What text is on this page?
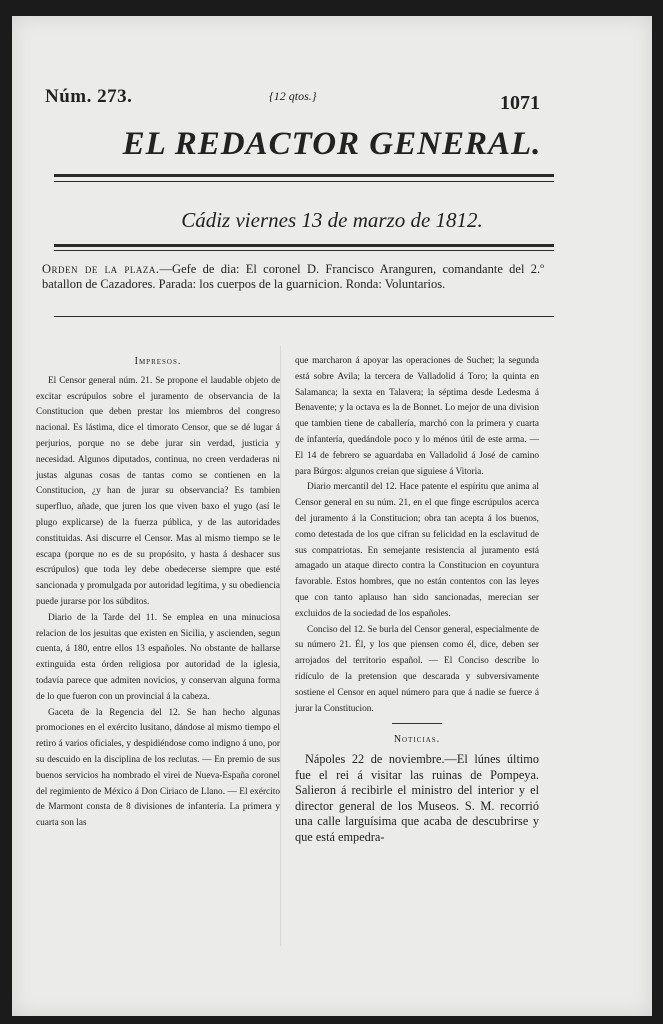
Núm. 273.	{12 qtos.}	1071
EL REDACTOR GENERAL.
Cádiz viernes 13 de marzo de 1812.
Orden de la plaza.—Gefe de dia: El coronel D. Francisco Aranguren, comandante del 2.º batallon de Cazadores. Parada: los cuerpos de la guarnicion. Ronda: Voluntarios.
Impresos.

El Censor general núm. 21. Se propone el laudable objeto de excitar escrúpulos sobre el juramento de observancia de la Constitucion que deben prestar los miembros del congreso nacional. Es lástima, dice el timorato Censor, que se dé lugar á perjurios, porque no se debe jurar sin verdad, justicia y necesidad. Algunos diputados, continua, no creen verdaderas ni justas algunas cosas de tantas como se contienen en la Constitucion, ¿y han de jurar su observancia? Es tambien superfluo, añade, que juren los que viven baxo el yugo (así le plugo explicarse) de la fuerza pública, y de las autoridades constituidas. Asi discurre el Censor. Mas al mismo tiempo se le escapa (porque no es de su propósito, y hasta á deshacer sus escrúpulos) que toda ley debe obedecerse siempre que esté sancionada y promulgada por autoridad legítima, y su obediencia puede jurarse por los súbditos.

Diario de la Tarde del 11. Se emplea en una minuciosa relacion de los jesuitas que existen en Sicilia, y ascienden, segun cuenta, á 180, entre ellos 13 españoles. No obstante de hallarse extinguida esta órden religiosa por autoridad de la iglesia, todavía parece que admiten novicios, y conservan alguna forma de lo que fueron con un provincial á la cabeza.

Gaceta de la Regencia del 12. Se han hecho algunas promociones en el exército lusitano, dándose al mismo tiempo el retiro á varios oficiales, y despidiéndose como indigno á uno, por su descuido en la disciplina de los reclutas. — En premio de sus buenos servicios ha nombrado el virei de Nueva-España coronel del regimiento de México á Don Ciriaco de Llano. — El exército de Marmont consta de 8 divisiones de infantería. La primera y cuarta son las

que marcharon á apoyar las operaciones de Suchet; la segunda está sobre Avila; la tercera de Valladolid á Toro; la quinta en Salamanca; la sexta en Talavera; la séptima desde Ledesma á Benavente; y la octava es la de Bonnet. Lo mejor de una division que tambien tiene de caballería, marchó con la primera y cuarta de infantería, quedándole poco y lo ménos útil de este arma. — El 14 de febrero se aguardaba en Valladolid á José de camino para Búrgos: algunos creian que siguiese á Vitoria.

Diario mercantil del 12. Hace patente el espíritu que anima al Censor general en su núm. 21, en el que finge escrúpulos acerca del juramento á la Constitucion; obra tan acepta á los buenos, como detestada de los que cifran su felicidad en la esclavitud de sus compatriotas. En semejante resistencia al juramento está amagado un ataque directo contra la Constitucion en coyuntura favorable. Estos hombres, que no están contentos con las leyes que con tanto aplauso han sido sancionadas, merecian ser excluidos de la sociedad de los españoles.

Conciso del 12. Se burla del Censor general, especialmente de su número 21. Él, y los que piensen como él, dice, deben ser arrojados del territorio español. — El Conciso describe lo ridículo de la pretension que descarada y subversivamente sostiene el Censor en aquel número para que á nadie se fuerce á jurar la Constitucion.

Noticias.

Nápoles 22 de noviembre.—El lúnes último fue el rei á visitar las ruinas de Pompeya. Salieron á recibirle el ministro del interior y el director general de los Museos. S. M. recorrió una calle larguísima que acaba de descubrirse y que está empedra-
